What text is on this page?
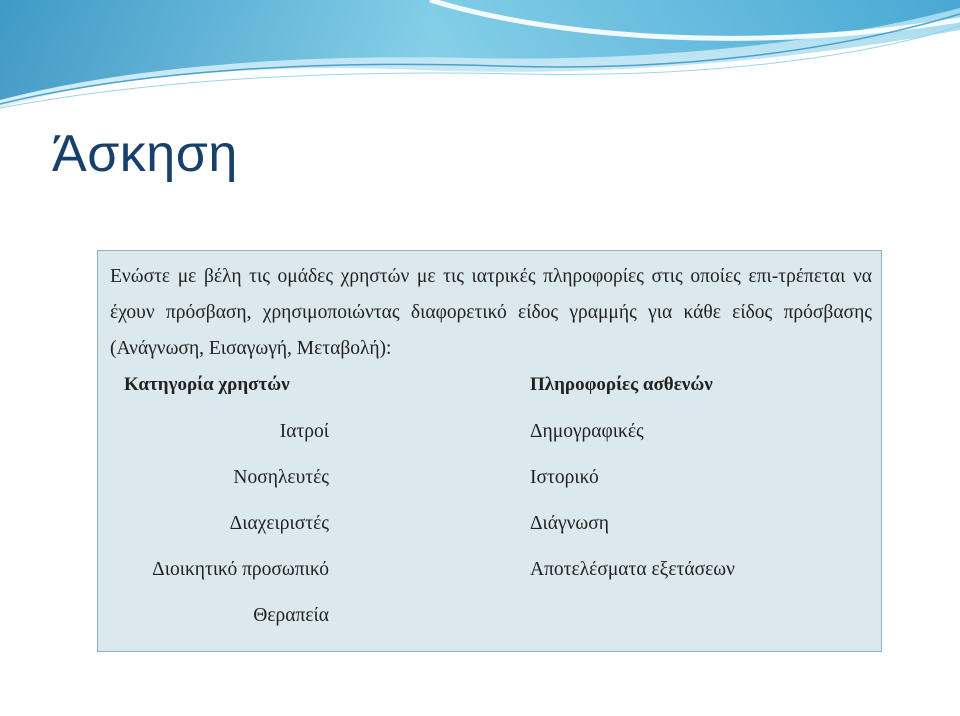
Άσκηση

Ενώστε με βέλη τις ομάδες χρηστών με τις ιατρικές πληροφορίες στις οποίες επι-τρέπεται να έχουν πρόσβαση, χρησιμοποιώντας διαφορετικό είδος γραμμής για κάθε είδος πρόσβασης (Ανάγνωση, Εισαγωγή, Μεταβολή):

Κατηγορία χρηστών	Πληροφορίες ασθενών
Ιατροί
Νοσηλευτές
Διαχειριστές
Διοικητικό προσωπικό
Θεραπεία
Δημογραφικές
Ιστορικό
Διάγνωση
Αποτελέσματα εξετάσεων
